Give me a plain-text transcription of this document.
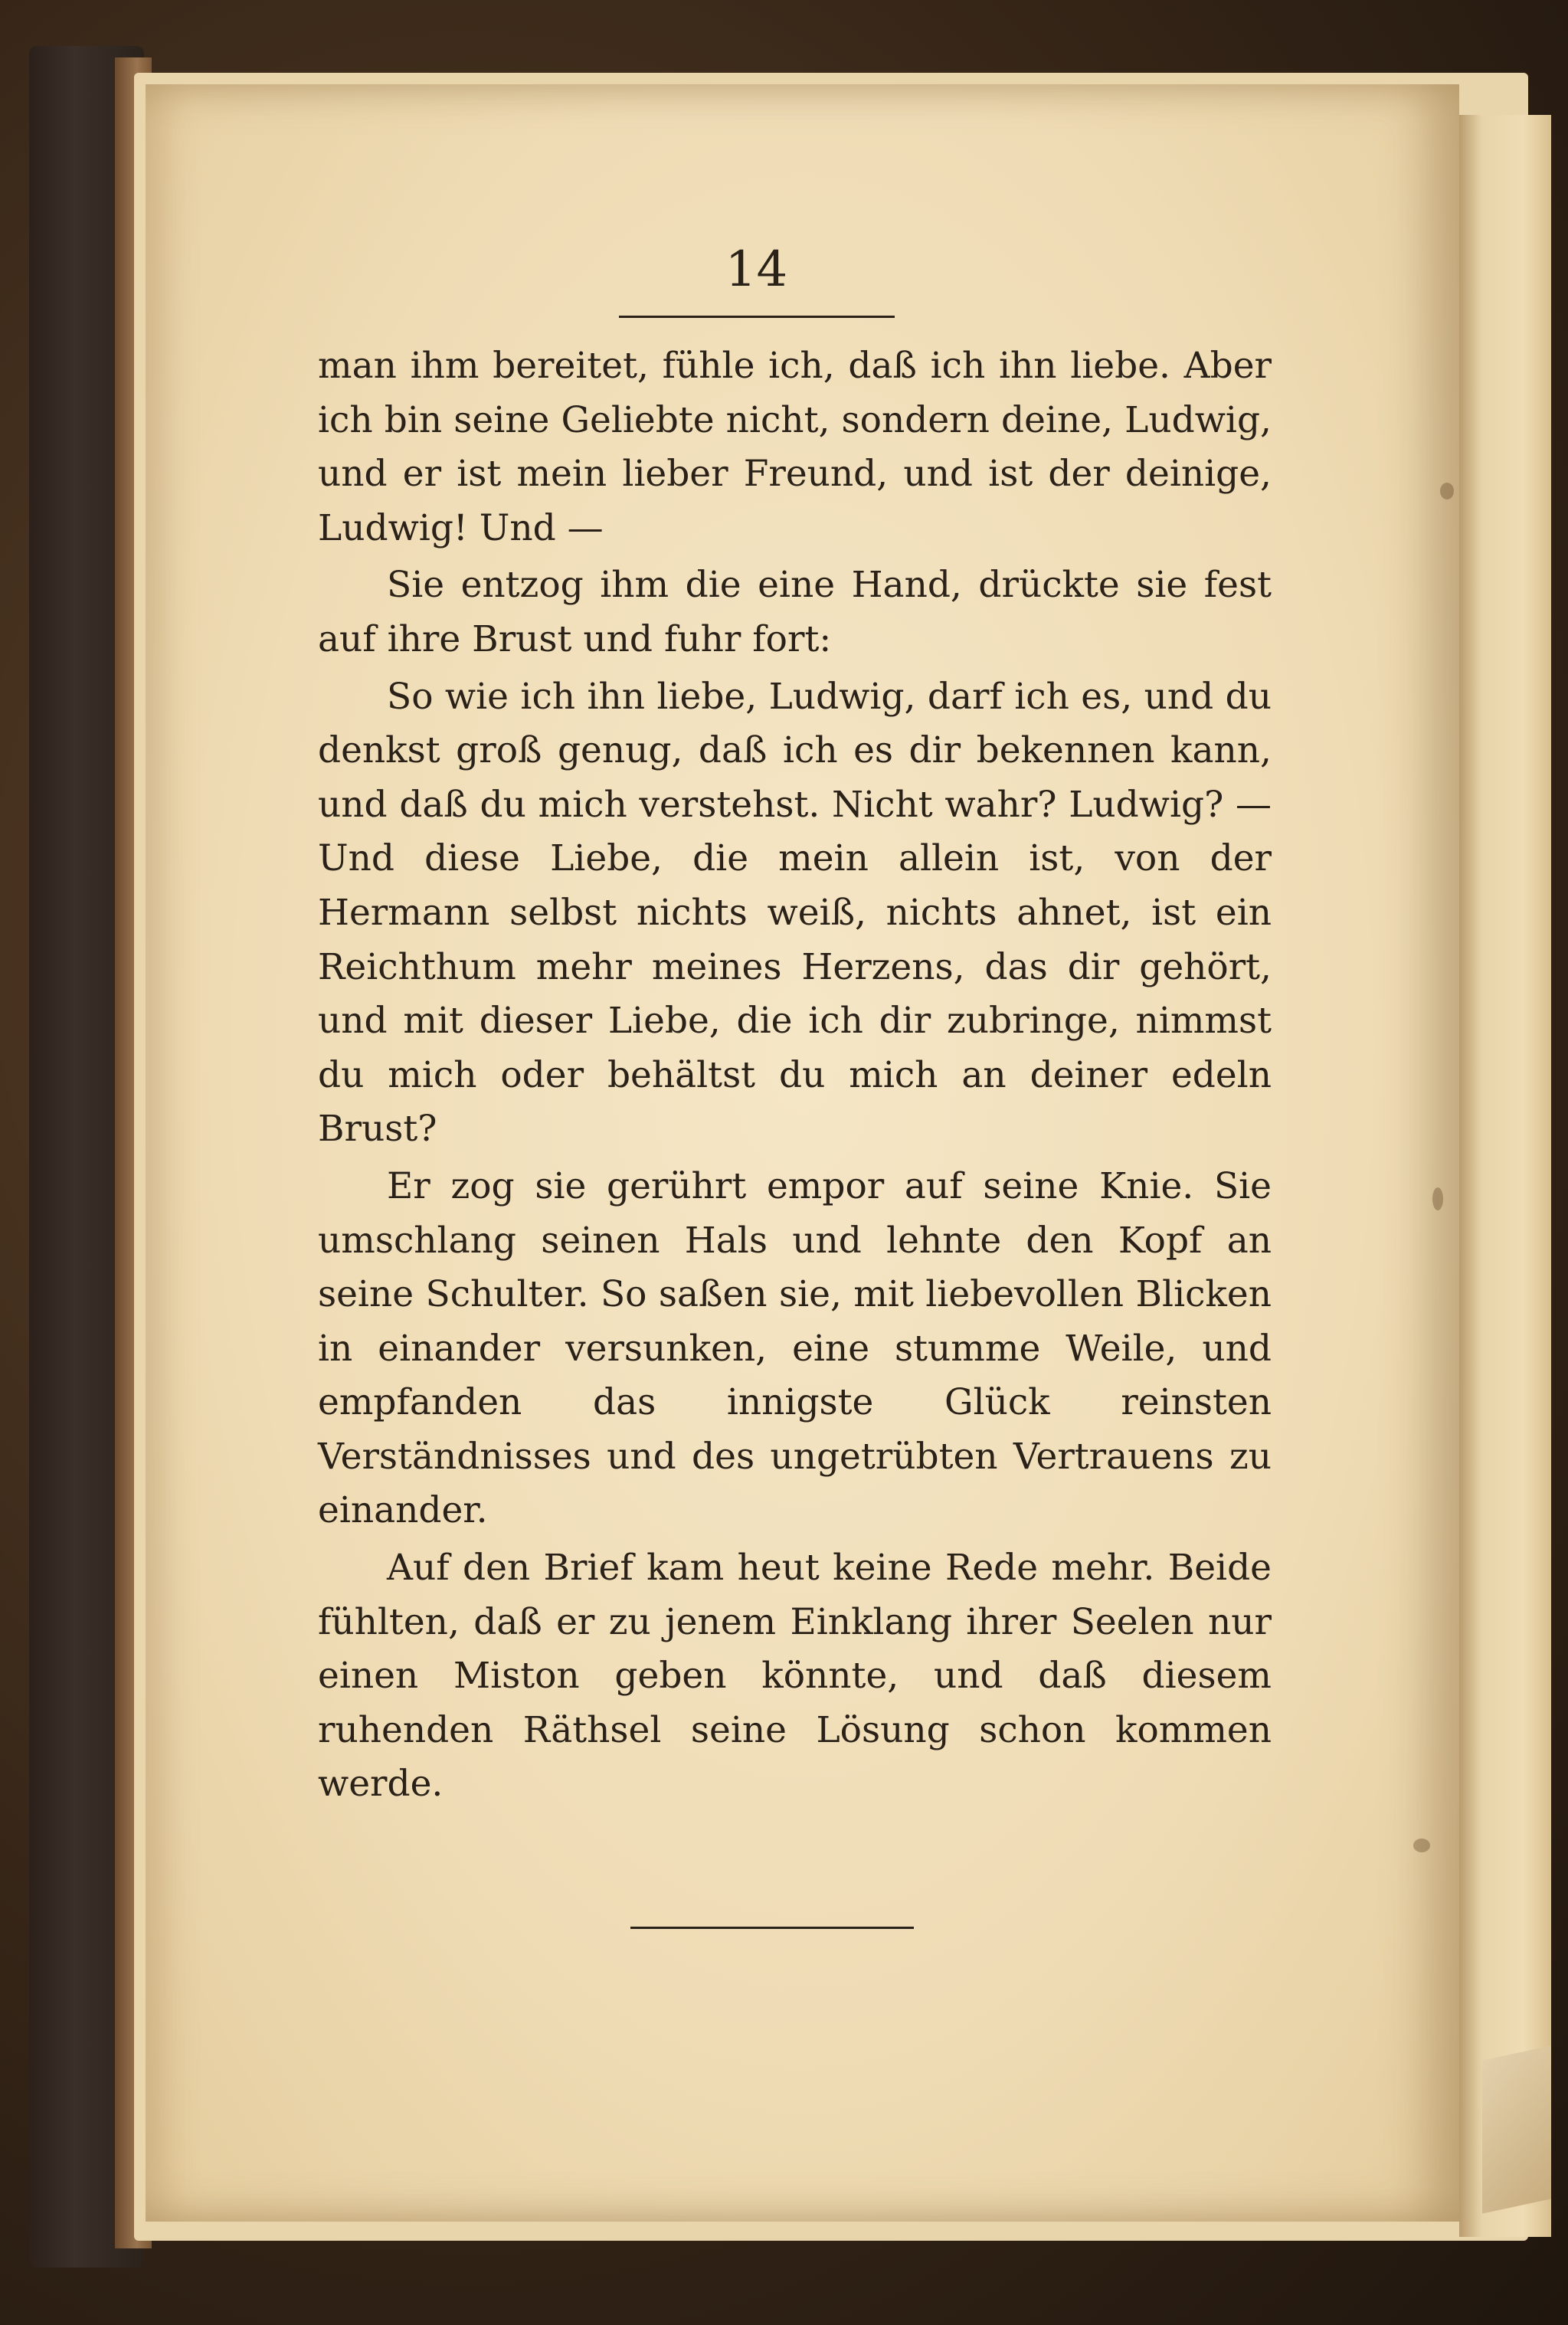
14

man ihm bereitet, fühle ich, daß ich ihn liebe. Aber ich bin seine Geliebte nicht, sondern deine, Ludwig, und er ist mein lieber Freund, und ist der deinige, Ludwig! Und —

Sie entzog ihm die eine Hand, drückte sie fest auf ihre Brust und fuhr fort:

So wie ich ihn liebe, Ludwig, darf ich es, und du denkst groß genug, daß ich es dir bekennen kann, und daß du mich verstehst. Nicht wahr? Ludwig? — Und diese Liebe, die mein allein ist, von der Hermann selbst nichts weiß, nichts ahnet, ist ein Reichthum mehr meines Herzens, das dir gehört, und mit dieser Liebe, die ich dir zubringe, nimmst du mich oder behältst du mich an deiner edeln Brust?

Er zog sie gerührt empor auf seine Knie. Sie umschlang seinen Hals und lehnte den Kopf an seine Schulter. So saßen sie, mit liebevollen Blicken in einander versunken, eine stumme Weile, und empfanden das innigste Glück reinsten Verständnisses und des ungetrübten Vertrauens zu einander.

Auf den Brief kam heut keine Rede mehr. Beide fühlten, daß er zu jenem Einklang ihrer Seelen nur einen Miston geben könnte, und daß diesem ruhenden Räthsel seine Lösung schon kommen werde.
